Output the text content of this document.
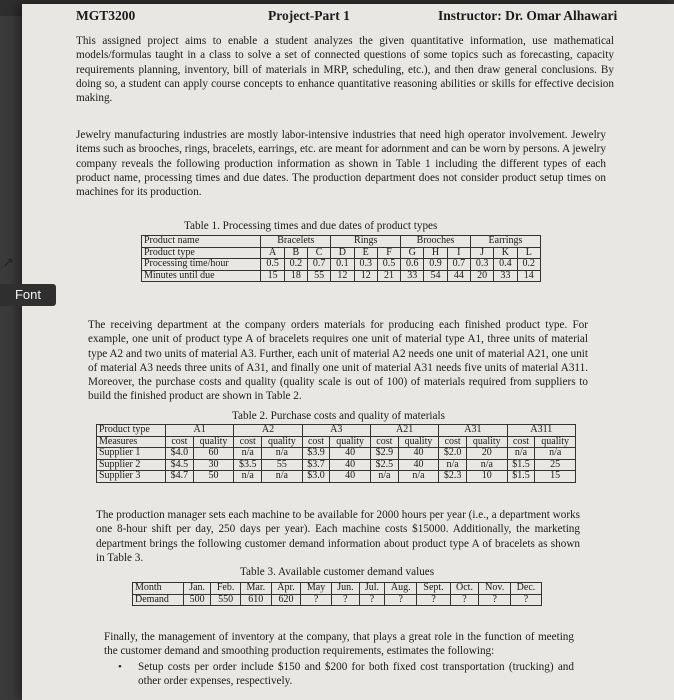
↗
Font
MGT3200	Project-Part 1	Instructor: Dr. Omar Alhawari

This assigned project aims to enable a student analyzes the given quantitative information, use mathematical models/formulas taught in a class to solve a set of connected questions of some topics such as forecasting, capacity requirements planning, inventory, bill of materials in MRP, scheduling, etc.), and then draw general conclusions. By doing so, a student can apply course concepts to enhance quantitative reasoning abilities or skills for effective decision making.

Jewelry manufacturing industries are mostly labor-intensive industries that need high operator involvement. Jewelry items such as brooches, rings, bracelets, earrings, etc. are meant for adornment and can be worn by persons. A jewelry company reveals the following production information as shown in Table 1 including the different types of each product name, processing times and due dates. The production department does not consider product setup times on machines for its production.

Table 1. Processing times and due dates of product types
Product name	Bracelets			Rings			Brooches			Earrings		
Product type	A	B	C	D	E	F	G	H	I	J	K	L
Processing time/hour	0.5	0.2	0.7	0.1	0.3	0.5	0.6	0.9	0.7	0.3	0.4	0.2
Minutes until due	15	18	55	12	12	21	33	54	44	20	33	14

The receiving department at the company orders materials for producing each finished product type. For example, one unit of product type A of bracelets requires one unit of material type A1, three units of material type A2 and two units of material A3. Further, each unit of material A2 needs one unit of material A21, one unit of material A3 needs three units of A31, and finally one unit of material A31 needs five units of material A311. Moreover, the purchase costs and quality (quality scale is out of 100) of materials required from suppliers to build the finished product are shown in Table 2.

Table 2. Purchase costs and quality of materials
Product type	A1		A2		A3		A21		A31		A311	
Measures	cost	quality	cost	quality	cost	quality	cost	quality	cost	quality	cost	quality
Supplier 1	$4.0	60	n/a	n/a	$3.9	40	$2.9	40	$2.0	20	n/a	n/a
Supplier 2	$4.5	30	$3.5	55	$3.7	40	$2.5	40	n/a	n/a	$1.5	25
Supplier 3	$4.7	50	n/a	n/a	$3.0	40	n/a	n/a	$2.3	10	$1.5	15

The production manager sets each machine to be available for 2000 hours per year (i.e., a department works one 8-hour shift per day, 250 days per year). Each machine costs $15000. Additionally, the marketing department brings the following customer demand information about product type A of bracelets as shown in Table 3.

Table 3. Available customer demand values
Month	Jan.	Feb.	Mar.	Apr.	May	Jun.	Jul.	Aug.	Sept.	Oct.	Nov.	Dec.
Demand	500	550	610	620	?	?	?	?	?	?	?	?

Finally, the management of inventory at the company, that plays a great role in the function of meeting the customer demand and smoothing production requirements, estimates the following:

• Setup costs per order include $150 and $200 for both fixed cost transportation (trucking) and other order expenses, respectively.
